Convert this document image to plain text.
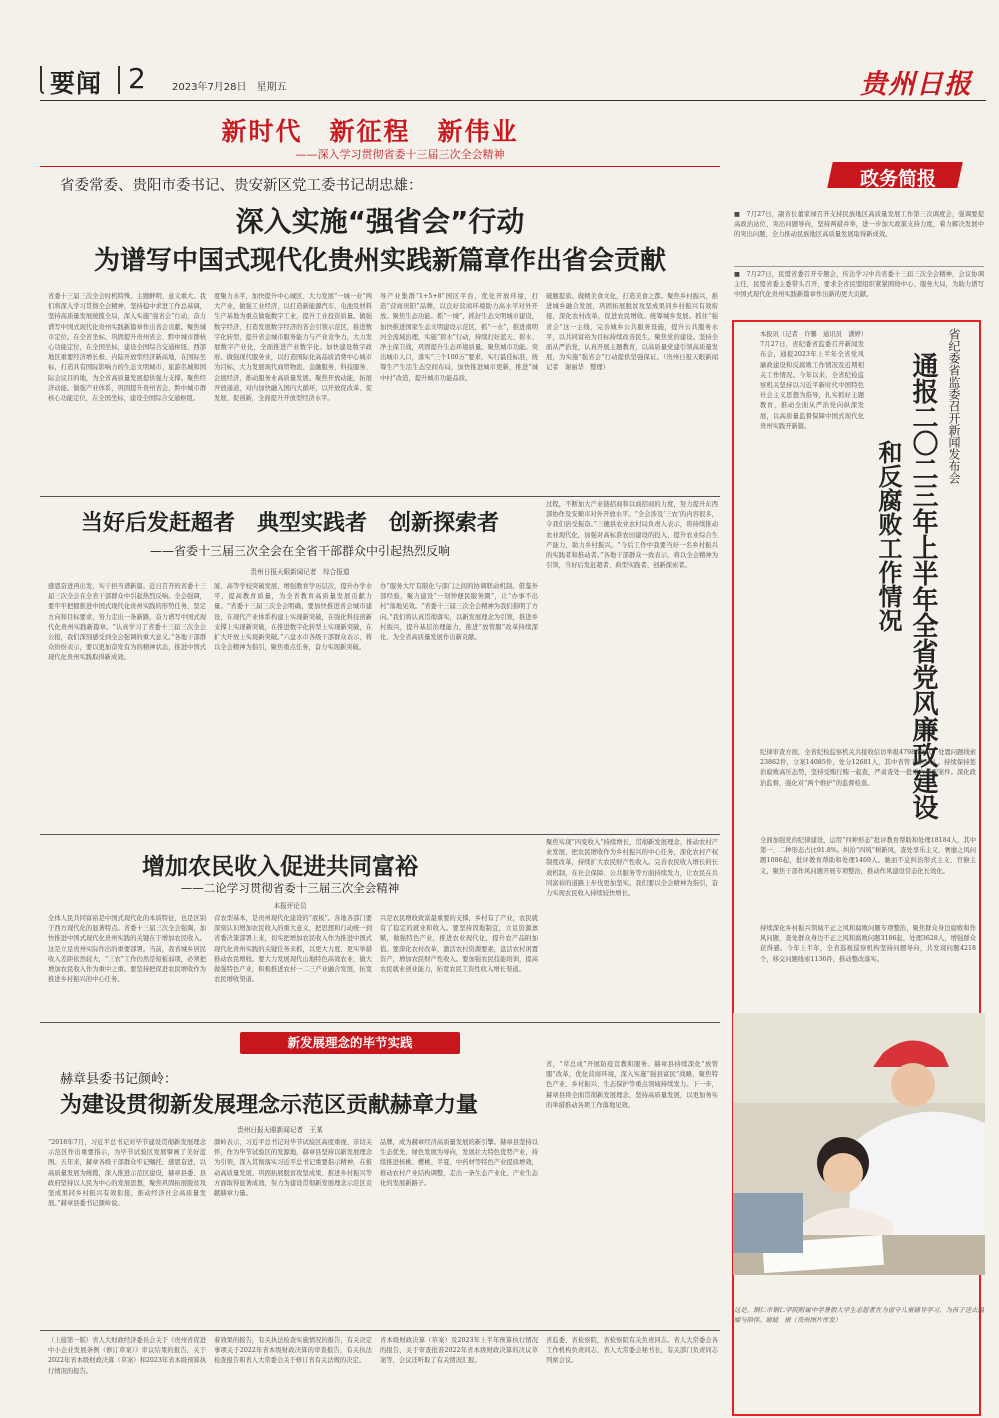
要闻 2	2023年7月28日　星期五	贵州日报
新时代　新征程　新伟业
——深入学习贯彻省委十三届三次全会精神
省委常委、贵阳市委书记、贵安新区党工委书记胡忠雄：
深入实施“强省会”行动
为谱写中国式现代化贵州实践新篇章作出省会贡献
省委十三届三次全会时机特殊、主题鲜明、意义重大。我们将深入学习贯彻全会精神，坚持稳中求进工作总基调，坚持高质量发展统揽全局，深入实施“强省会”行动，奋力谱写中国式现代化贵州实践新篇章作出省会贡献。聚焦城市定位。在全省坐标、巩固提升贵州省会、黔中城市群核心功能定位，在全国坐标，建设全国综合交通枢纽、西部地区重要经济增长极、内陆开放型经济新高地，在国际坐标，打造具有国际影响力的生态文明城市、旅游名城和国际会议目的地，为全省高质量发展提供强力支撑。聚焦经济动能。做强产业体系，巩固提升贵州省会、黔中城市群核心功能定位，在全国坐标，建设全国综合交通枢纽。
度聚力水平，加快提升中心城区、大力发展“一城一业”两大产业，做强工业经济，以打造新能源汽车、电池及材料生产基地为重点做强数字工业，提升工业投资质量。做强数字经济，打造发展数字经济的省会引领示范区，推进数字化转型，提升省会城市服务能力与产业竞争力，大力发展数字产业化，全面推进产业数字化。加快建设数字政府。做强现代服务业，以打造国际化高品质消费中心城市为目标，大力发展现代商贸物流、金融服务、科技服务、会展经济，推动服务业高质量发展。聚焦开放动能，拓展开放通道，对内加快融入国内大循环，以开放促改革、促发展、促创新，全面提升开放型经济水平。
导产业集群“1+5+8”园区平台，优化开放环境，打造“营商贵阳”品牌，以良好营商环境助力高水平对外开放。聚焦生态功能。抓“一城”，抓好生态文明城市建设，加快推进国家生态文明建设示范区，抓“一水”，推进南明河全流域治理，实施“碧水”行动，持续打好蓝天、碧水、净土保卫战，巩固提升生态环境质量。聚焦城市功能。突出城市人口，落实“三个100万”要求，实行最佳标准，统筹生产生活生态空间布局，加快推进城市更新，推进“城中村”改造，提升城市功能品质。
破题提质。做精美食文化，打造美食之都。聚焦乡村振兴，推进城乡融合发展，巩固拓展脱贫攻坚成果同乡村振兴有效衔接，深化农村改革，促进农民增收。统筹城乡发展。抓住“强省会”这一主线，完善城乡公共服务设施，提升公共服务水平，以共同富裕为目标持续改善民生。聚焦党的建设。坚持全面从严治党，认真开展主题教育，以高质量党建引领高质量发展，为实施“强省会”行动提供坚强保证。（贵州日报天眼新闻记者　谢丽华　整理）
当好后发赶超者　典型实践者　创新探索者
——省委十三届三次全会在全省干部群众中引起热烈反响
贵州日报天眼新闻记者　综合报道
感恩奋进再出发，实干担当谱新篇。近日召开的省委十三届三次全会在全省干部群众中引起热烈反响。全会强调，要牢牢把握推进中国式现代化贵州实践的形势任务，坚定方向和目标要求，努力走出一条新路，奋力谱写中国式现代化贵州实践新篇章。“认真学习了省委十三届三次全会公报，我们深刻感受到全会强调的重大意义。”各地干部群众纷纷表示，要以更加奋发有为的精神状态，推进中国式现代化贵州实践取得新成效。
厦、高等学校突破发展、增强教育学历层次，提升办学水平，提高教育质量，为全省教育高质量发展贡献力量。“省委十三届三次全会明确，要加快推进省会城市建设，在现代产业体系构建上实现新突破，在强化科技创新支撑上实现新突破，在推进数字化转型上实现新突破，在扩大开放上实现新突破。”六盘水市各级干部群众表示，将以全会精神为指引，聚焦重点任务，奋力实现新突破。
办”服务大厅有限化与部门之间的协调联动机制。借鉴外部经验，聚力建设“一刻钟便民服务圈”，让“办事不出村”落地见效。“省委十三届三次全会精神为我们指明了方向。”我们将认真贯彻落实，以新发展理念为引领，推进乡村振兴，提升基层治理能力，推进“放管服”改革持续深化，为全省高质量发展作出新贡献。
过程，不断加大产业链招商和以商招商的力度，努力提升东西部协作及安顺市对外开放水平。“全会涉及‘三农’的内容很多，令我们倍受振奋。”三穗县农业农村局负责人表示，将持续推动农业现代化，加强对高标准农田建设的投入，提升农业综合生产能力，助力乡村振兴。“今后工作中我要当好一名乡村振兴的实践者和推动者。”各地干部群众一致表示，将以全会精神为引领，当好后发赶超者、典型实践者、创新探索者。
增加农民收入促进共同富裕
——二论学习贯彻省委十三届三次全会精神
本报评论员
全体人民共同富裕是中国式现代化的本质特征，也是区别于西方现代化的显著特点。省委十三届三次全会强调，加快推进中国式现代化贵州实践的关键在于增加农民收入。这是立足贵州实际作出的重要部署。当前，我省城乡居民收入差距依然较大，“三农”工作仍然是短板弱项，必须把增加农民收入作为重中之重。要坚持把促进农民增收作为推进乡村振兴的中心任务。
营农型基本，是贵州现代化建设的“底板”。各地各部门要深刻认识增加农民收入的重大意义，把思想和行动统一到省委决策部署上来，切实把增加农民收入作为推进中国式现代化贵州实践的关键任务来抓，以更大力度、更实举措推动农民增收。要大力发展现代山地特色高效农业，做大做强特色产业，积极推进农村一二三产业融合发展，拓宽农民增收渠道。
兴是农民增收致富最重要的支撑，乡村有了产业，农民就有了稳定的就业和收入。要坚持因地制宜，立足资源禀赋，做强特色产业，推进农业现代化，提升农产品附加值。要深化农村改革，激活农村资源要素，盘活农村闲置资产，增加农民财产性收入。要加强农民技能培训，提高农民就业创业能力，拓宽农民工资性收入增长渠道。
聚焦实现“四变收入”持续增长，贯彻新发展理念，推动农村产业发展，把农民增收作为乡村振兴的中心任务，深化农村产权制度改革，持续扩大农民财产性收入。完善农民收入增长的长效机制，在社会保障、公共服务等方面持续发力，让农民在共同富裕的道路上步伐更加坚实。我们要以全会精神为指引，奋力实现农民收入持续较快增长。
政务简报
■　7月27日，副省长董家禄召开支持民族地区高质量发展工作第三次调度会，强调要提高政治站位、突出问题导向，坚持两措并举，进一步加大政策支持力度，着力解决发展中的突出问题，全力推动民族地区高质量发展取得新成效。
■　7月27日，民盟省委召开专题会，传达学习中共省委十三届三次全会精神，会议协调主任，民盟省委主委带头召开，要求全省民盟组织紧紧围绕中心、服务大局，为助力谱写中国式现代化贵州实践新篇章作出新的更大贡献。
省纪委省监委召开新闻发布会
通报二〇二三年上半年全省党风廉政建设
和反腐败工作情况
本报讯（记者　许馨　通讯员　潘婷）7月27日，省纪委省监委召开新闻发布会，通报2023年上半年全省党风廉政建设和反腐败工作情况及近期相关工作情况。今年以来，全省纪检监察机关坚持以习近平新时代中国特色社会主义思想为指导，扎实抓好主题教育，推动全面从严治党向纵深发展，以高质量监督保障中国式现代化贵州实践开新篇。
纪律审查方面，全省纪检监察机关共接收信访举报47986件次，处置问题线索23862件，立案14085件，处分12681人，其中省管干部53人。持续保持惩治腐败高压态势，坚持受贿行贿一起查，严肃查处一批重大典型案件。深化政治监督，强化对“两个维护”的监督检查。
全面加强党的纪律建设，运用“四种形态”批评教育帮助和处理18184人，其中第一、二种形态占比91.8%。纠治“四风”树新风，查处享乐主义、奢靡之风问题1086起，批评教育帮助和处理1469人。驰而不息纠治形式主义、官僚主义，聚焦干部作风问题开展专项整治，推动作风建设常态化长效化。
持续深化乡村振兴领域不正之风和腐败问题专项整治，聚焦群众身边腐败和作风问题，查处群众身边不正之风和腐败问题3186起，处理3628人，增强群众获得感。今年上半年，全省巡视巡察机构坚持问题导向，共发现问题4218个，移交问题线索1136件，推动整改落实。
这是，铜仁市铜仁学院附属中学暑假大学生志愿者在为留守儿童辅导学习，为孩子送去温暖与陪伴。谢婧　摄（贵州图片库发）
新发展理念的毕节实践
赫章县委书记颜岭：
为建设贯彻新发展理念示范区贡献赫章力量
贵州日报天眼新闻记者　王某
“2018年7月，习近平总书记对毕节建设贯彻新发展理念示范区作出重要指示，为毕节试验区发展擘画了美好蓝图。五年来，赫章各级干部群众牢记嘱托、感恩奋进，以高质量发展为统揽，深入推进示范区建设，赫章县委、县政府坚持以人民为中心的发展思想，聚焦巩固拓展脱贫攻坚成果同乡村振兴有效衔接，推动经济社会高质量发展。”赫章县委书记颜岭说。
颜岭表示，习近平总书记对毕节试验区高度重视、亲切关怀，作为毕节试验区的发源地，赫章县坚持以新发展理念为引领，深入贯彻落实习近平总书记重要指示精神，在推动高质量发展、巩固拓展脱贫攻坚成果、推进乡村振兴等方面取得显著成效，努力为建设贯彻新发展理念示范区贡献赫章力量。
品牌，成为赫章经济高质量发展的新引擎。赫章县坚持以生态优先、绿色发展为导向，发展壮大特色优势产业，持续推进核桃、樱桃、半夏、中药材等特色产业提质增效，推动农村产业结构调整，走出一条生态产业化、产业生态化的发展新路子。
省，“草总成”开展防疫宣教和服务。赫章县持续深化“放管服”改革，优化营商环境，深入实施“强县富民”战略，聚焦特色产业、乡村振兴、生态保护等重点领域持续发力。下一步，赫章县将全面贯彻新发展理念，坚持高质量发展，以更加务实的举措推动各项工作落地见效。
（上接第一版）省人大财政经济委员会关于《贵州省促进中小企业发展条例（修订草案）》审议结果的报告，关于2022年省本级财政决算（草案）和2023年省本级预算执行情况的报告。
着效果的报告，有关执法检查实施情况的报告，有关决定事项关于2022年省本级财政决算的审查报告，有关执法检查报告和省人大常委会关于修订省有关法规的决定。
省本级财政决算（草案）及2023年上半年预算执行情况的报告，关于审查批准2022年省本级财政决算的决议草案等，会议还听取了有关情况汇报。
省监委、省检察院，省检察院有关负责同志。省人大常委会各工作机构负责同志，省人大常委会秘书长，有关部门负责同志列席会议。
